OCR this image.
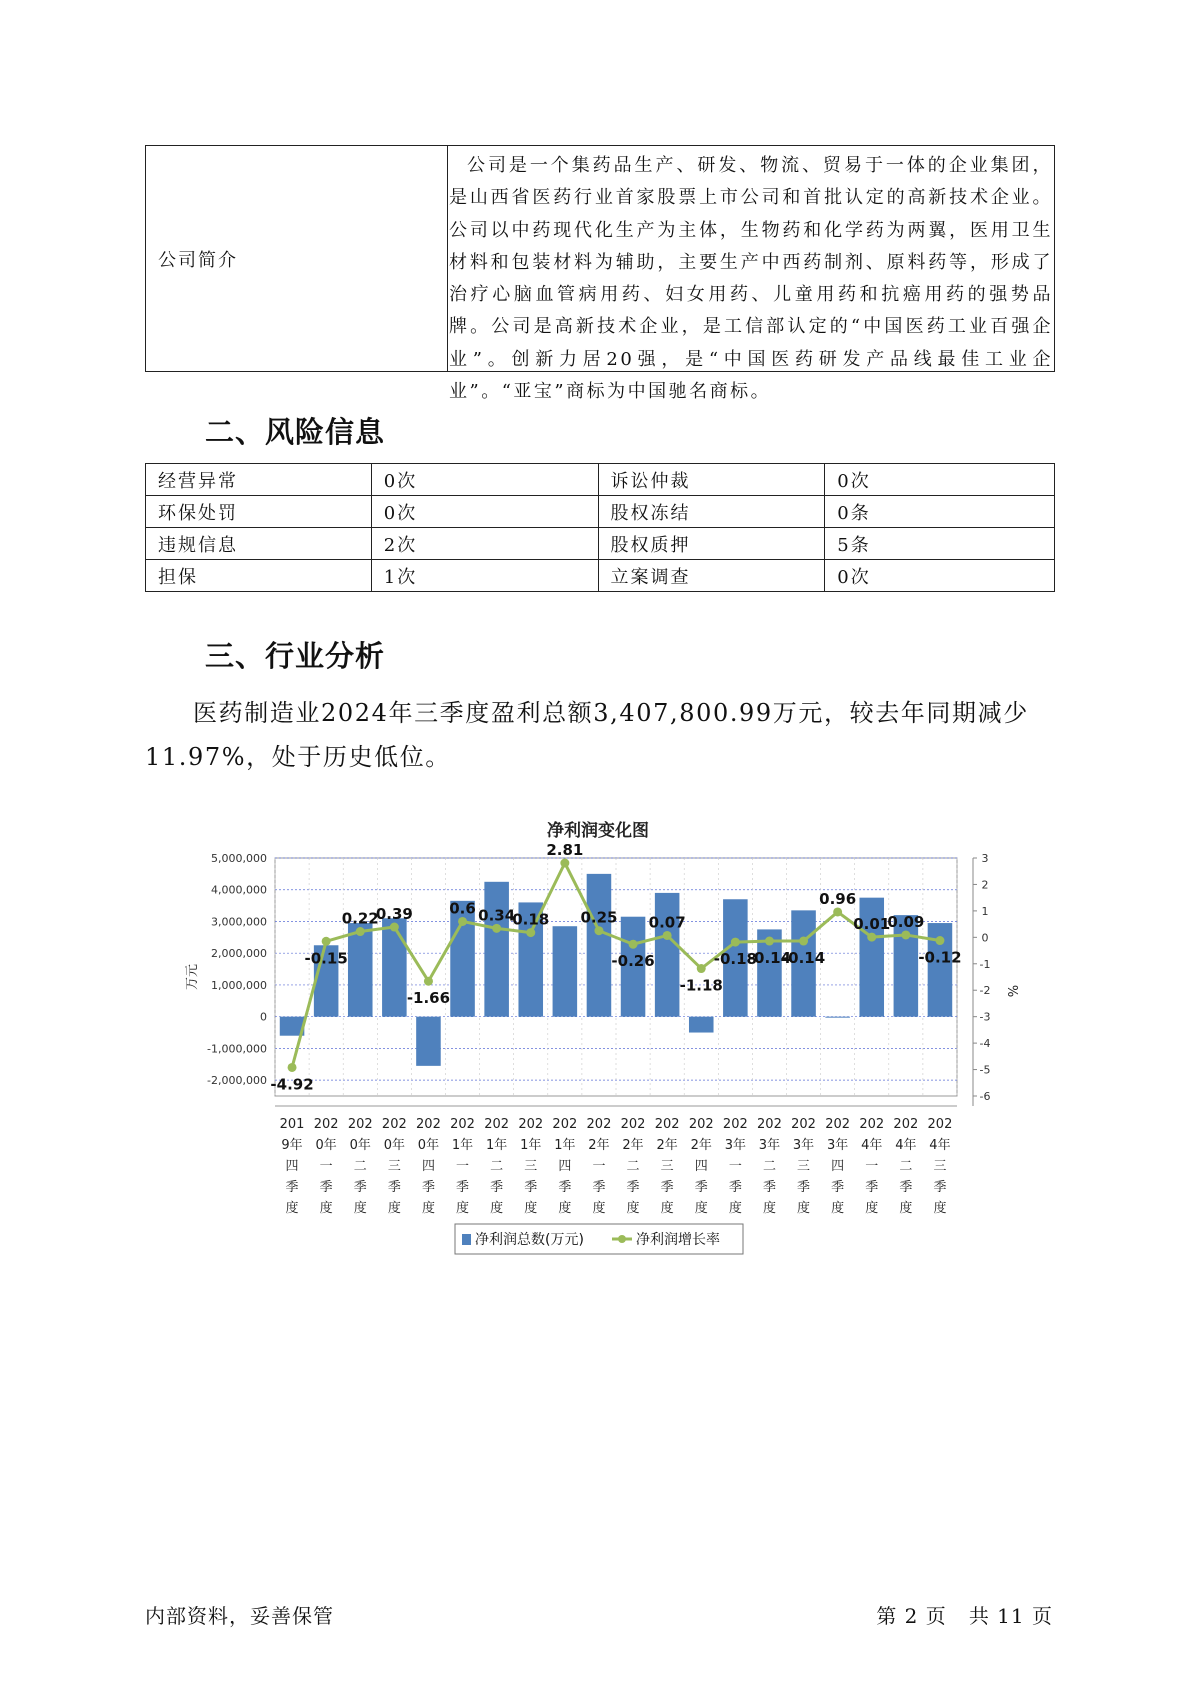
公司简介

公司是一个集药品生产、研发、物流、贸易于一体的企业集团，是山西省医药行业首家股票上市公司和首批认定的高新技术企业。公司以中药现代化生产为主体，生物药和化学药为两翼，医用卫生材料和包装材料为辅助，主要生产中西药制剂、原料药等，形成了治疗心脑血管病用药、妇女用药、儿童用药和抗癌用药的强势品牌。公司是高新技术企业，是工信部认定的“中国医药工业百强企业”。创新力居20强，是“中国医药研发产品线最佳工业企业”。“亚宝”商标为中国驰名商标。

二、风险信息
经营异常	0次	诉讼仲裁	0次
环保处罚	0次	股权冻结	0条
违规信息	2次	股权质押	5条
担保	1次	立案调查	0次
三、行业分析

医药制造业2024年三季度盈利总额3,407,800.99万元，较去年同期减少11.97%，处于历史低位。

净利润变化图
5,000,000
4,000,000
3,000,000
2,000,000
1,000,000
0
-1,000,000
-2,000,000
3
2
1
0
-1
-2
-3
-4
-5
-6
万元
%
-4.92
-0.15
0.22
0.39
-1.66
0.6 0.34
0.18
2.81
0.25
-0.26
0.07
-1.18
-0.18
-0.14
-0.14
0.96
0.01
0.09
-0.12
201
9年
四
季
度
202
0年
一
季
度
202
0年
二
季
度
202
0年
三
季
度
202
0年
四
季
度
202
1年
一
季
度
202
1年
二
季
度
202
1年
三
季
度
202
1年
四
季
度
202
2年
一
季
度
202
2年
二
季
度
202
2年
三
季
度
202
2年
四
季
度
202
3年
一
季
度
202
3年
二
季
度
202
3年
三
季
度
202
3年
四
季
度
202
4年
一
季
度
202
4年
二
季
度
202
4年
三
季
度
净利润总数(万元)	净利润增长率
内部资料，妥善保管	第 2 页   共 11 页
